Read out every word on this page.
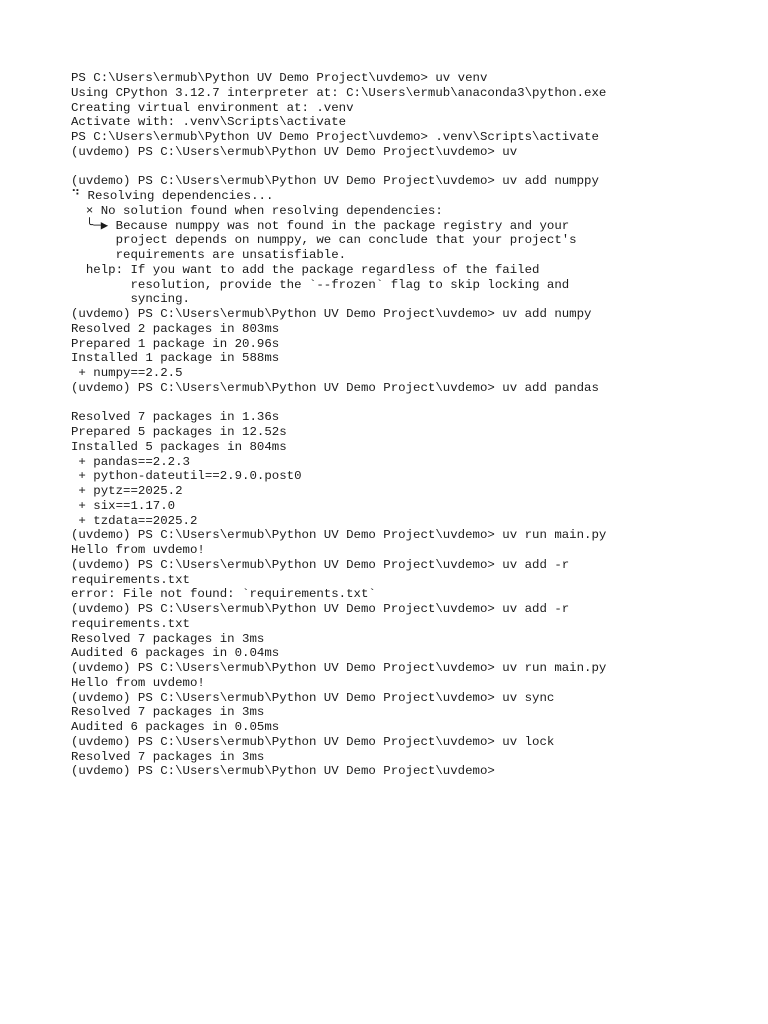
PS C:\Users\ermub\Python UV Demo Project\uvdemo> uv venv
Using CPython 3.12.7 interpreter at: C:\Users\ermub\anaconda3\python.exe
Creating virtual environment at: .venv
Activate with: .venv\Scripts\activate
PS C:\Users\ermub\Python UV Demo Project\uvdemo> .venv\Scripts\activate
(uvdemo) PS C:\Users\ermub\Python UV Demo Project\uvdemo> uv
(uvdemo) PS C:\Users\ermub\Python UV Demo Project\uvdemo> uv add numppy
⠙ Resolving dependencies...
× No solution found when resolving dependencies:
╰─▶ Because numppy was not found in the package registry and your
project depends on numppy, we can conclude that your project's
requirements are unsatisfiable.
help: If you want to add the package regardless of the failed
resolution, provide the `--frozen` flag to skip locking and
syncing.
(uvdemo) PS C:\Users\ermub\Python UV Demo Project\uvdemo> uv add numpy
Resolved 2 packages in 803ms
Prepared 1 package in 20.96s
Installed 1 package in 588ms
+ numpy==2.2.5
(uvdemo) PS C:\Users\ermub\Python UV Demo Project\uvdemo> uv add pandas
Resolved 7 packages in 1.36s
Prepared 5 packages in 12.52s
Installed 5 packages in 804ms
+ pandas==2.2.3
+ python-dateutil==2.9.0.post0
+ pytz==2025.2
+ six==1.17.0
+ tzdata==2025.2
(uvdemo) PS C:\Users\ermub\Python UV Demo Project\uvdemo> uv run main.py
Hello from uvdemo!
(uvdemo) PS C:\Users\ermub\Python UV Demo Project\uvdemo> uv add -r
requirements.txt
error: File not found: `requirements.txt`
(uvdemo) PS C:\Users\ermub\Python UV Demo Project\uvdemo> uv add -r
requirements.txt
Resolved 7 packages in 3ms
Audited 6 packages in 0.04ms
(uvdemo) PS C:\Users\ermub\Python UV Demo Project\uvdemo> uv run main.py
Hello from uvdemo!
(uvdemo) PS C:\Users\ermub\Python UV Demo Project\uvdemo> uv sync
Resolved 7 packages in 3ms
Audited 6 packages in 0.05ms
(uvdemo) PS C:\Users\ermub\Python UV Demo Project\uvdemo> uv lock
Resolved 7 packages in 3ms
(uvdemo) PS C:\Users\ermub\Python UV Demo Project\uvdemo>
